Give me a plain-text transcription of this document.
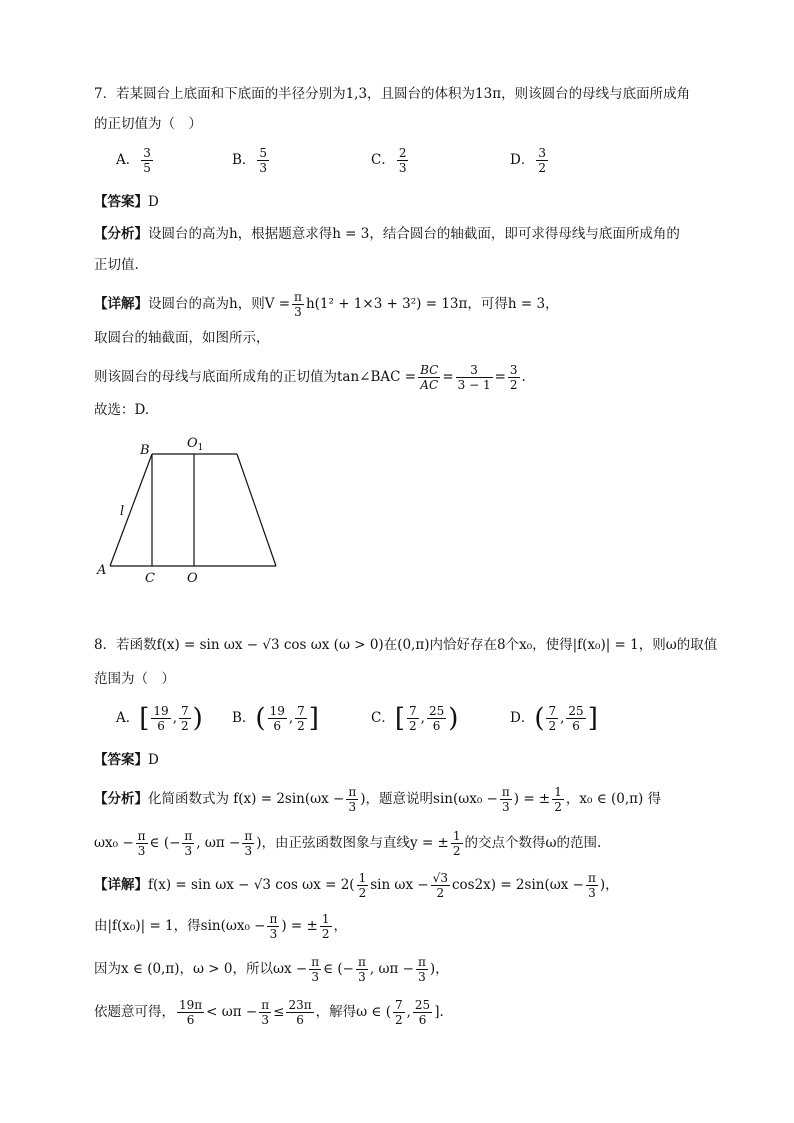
7．若某圆台上底面和下底面的半径分别为1,3，且圆台的体积为13π，则该圆台的母线与底面所成角
的正切值为（　）
A． $\frac{3}{5}$	B． $\frac{5}{3}$	C． $\frac{2}{3}$	D． $\frac{3}{2}$
【答案】D
【分析】设圆台的高为h，根据题意求得h = 3，结合圆台的轴截面，即可求得母线与底面所成角的
正切值.
【详解】设圆台的高为h，则$V = \frac{\pi}{3} h(1^2 + 1\times 3 + 3^2) = 13\pi$，可得h = 3，
取圆台的轴截面，如图所示，
则该圆台的母线与底面所成角的正切值为tan∠BAC = $\frac{BC}{AC} = \frac{3}{3 - 1} = \frac{3}{2}$ .
故选：D.
B	$O_1$
l
A
C O
8．若函数f(x) = sin ωx − √3 cos ωx (ω > 0)在(0,π)内恰好存在8个x₀，使得|f(x₀)| = 1，则ω的取值
范围为（　）
A．[ $\frac{19}{6}$ , $\frac{7}{2}$ ) B．( $\frac{19}{6}$ , $\frac{7}{2}$ ]	C．[ $\frac{7}{2}$ , $\frac{25}{6}$ )	D．( $\frac{7}{2}$ , $\frac{25}{6}$ ]
【答案】D
【分析】化简函数式为 $f(x) = 2\sin(\omega x - \frac{\pi}{3}$ )，题意说明$\sin(\omega x_0 - \frac{\pi}{3}$ ) = ± $\frac{1}{2}$ ，x₀ ∈ (0,π) 得
$\omega x_0 - \frac{\pi}{3}$ ∈ (− $\frac{\pi}{3}$ , $\omega\pi - \frac{\pi}{3}$ )，由正弦函数图象与直线y = ± $\frac{1}{2}$ 的交点个数得ω的范围.
【详解】f(x) = sin ωx − √3 $\cos \omega x = 2( \frac{1}{2}$ $\sin \omega x - \frac{√3}{2} \cos 2x) = 2\sin(\omega x - \frac{\pi}{3}$ )，
由|f(x₀)| = 1，得$\sin(\omega x_0 - \frac{\pi}{3}$ ) = ± $\frac{1}{2}$ ，
因为x ∈ (0,π)，ω > 0，所以$\omega x - \frac{\pi}{3}$ ∈ (− $\frac{\pi}{3}$ , $\omega\pi - \frac{\pi}{3}$ )，
依题意可得， $\frac{19\pi}{6} < \omega\pi - \frac{\pi}{3} \le \frac{23\pi}{6}$ ，解得ω ∈ ( $\frac{7}{2}$ , $\frac{25}{6}$ ].
